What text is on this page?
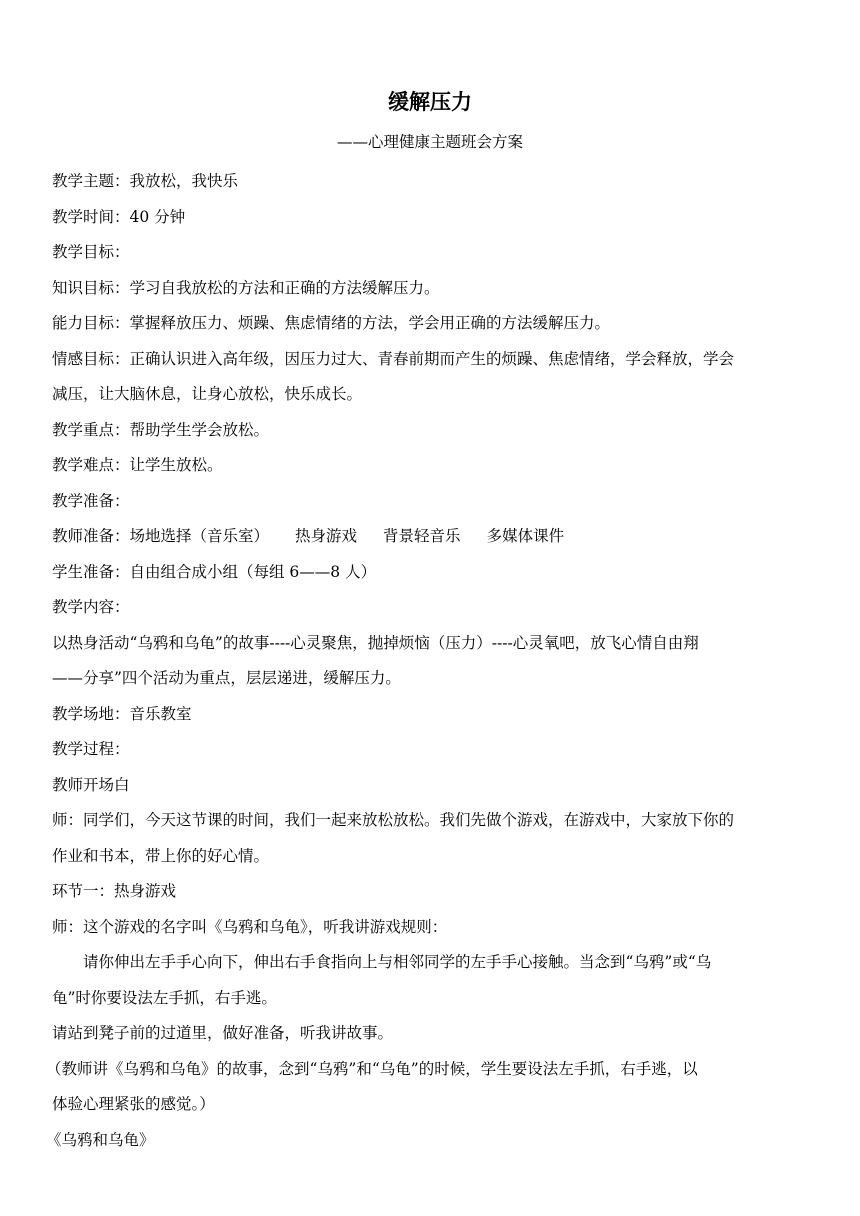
缓解压力
——心理健康主题班会方案

教学主题：我放松，我快乐

教学时间：40 分钟

教学目标：

知识目标：学习自我放松的方法和正确的方法缓解压力。

能力目标：掌握释放压力、烦躁、焦虑情绪的方法，学会用正确的方法缓解压力。

情感目标：正确认识进入高年级，因压力过大、青春前期而产生的烦躁、焦虑情绪，学会释放，学会

减压，让大脑休息，让身心放松，快乐成长。

教学重点：帮助学生学会放松。

教学难点：让学生放松。

教学准备：

教师准备：场地选择（音乐室） 热身游戏 背景轻音乐 多媒体课件

学生准备：自由组合成小组（每组 6——8 人）

教学内容：

以热身活动“乌鸦和乌龟”的故事----心灵聚焦，抛掉烦恼（压力）----心灵氧吧，放飞心情自由翔

——分享”四个活动为重点，层层递进，缓解压力。

教学场地：音乐教室

教学过程：

教师开场白

师：同学们，今天这节课的时间，我们一起来放松放松。我们先做个游戏，在游戏中，大家放下你的

作业和书本，带上你的好心情。

环节一：热身游戏

师：这个游戏的名字叫《乌鸦和乌龟》，听我讲游戏规则：

请你伸出左手手心向下，伸出右手食指向上与相邻同学的左手手心接触。当念到“乌鸦”或“乌

龟”时你要设法左手抓，右手逃。

请站到凳子前的过道里，做好准备，听我讲故事。

（教师讲《乌鸦和乌龟》的故事，念到“乌鸦”和“乌龟”的时候，学生要设法左手抓，右手逃，以

体验心理紧张的感觉。）

《乌鸦和乌龟》
